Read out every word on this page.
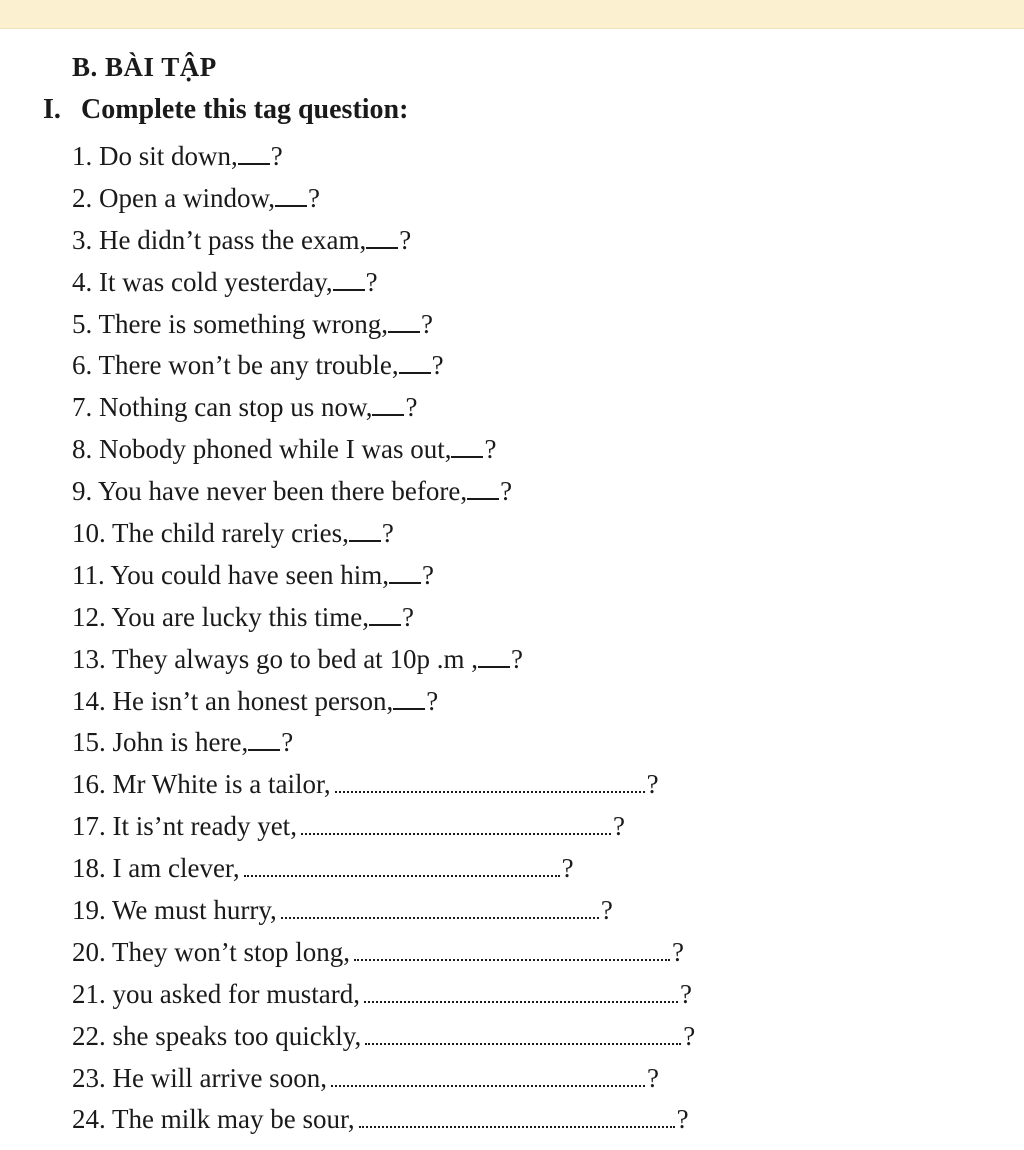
B. BÀI TẬP
I. Complete this tag question:
1. Do sit down, ?
2. Open a window, ?
3. He didn’t pass the exam, ?
4. It was cold yesterday, ?
5. There is something wrong, ?
6. There won’t be any trouble, ?
7. Nothing can stop us now, ?
8. Nobody phoned while I was out, ?
9. You have never been there before, ?
10. The child rarely cries, ?
11. You could have seen him, ?
12. You are lucky this time, ?
13. They always go to bed at 10p .m , ?
14. He isn’t an honest person, ?
15. John is here, ?
16. Mr White is a tailor,	?
17. It is’nt ready yet,	?
18. I am clever,	?
19. We must hurry,	?
20. They won’t stop long,	?
21. you asked for mustard,	?
22. she speaks too quickly,	?
23. He will arrive soon,	?
24. The milk may be sour,	?
